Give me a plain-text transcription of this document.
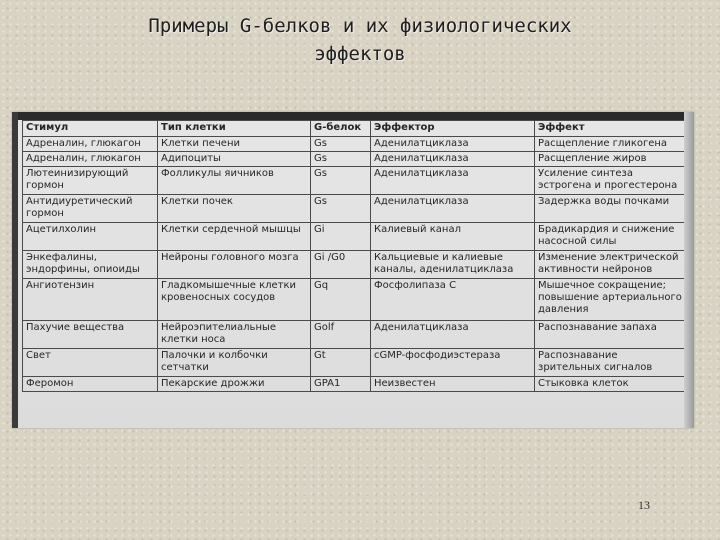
Примеры G-белков и их физиологических
эффектов
Стимул	Тип клетки	G-белок	Эффектор	Эффект
Адреналин, глюкагон	Клетки печени	Gs	Аденилатциклаза	Расщепление гликогена
Адреналин, глюкагон	Адипоциты	Gs	Аденилатциклаза	Расщепление жиров
Лютеинизирующий гормон	Фолликулы яичников	Gs	Аденилатциклаза	Усиление синтеза эстрогена и прогестерона
Антидиуретический гормон	Клетки почек	Gs	Аденилатциклаза	Задержка воды почками
Ацетилхолин	Клетки сердечной мышцы	Gi	Калиевый канал	Брадикардия и снижение насосной силы
Энкефалины, эндорфины, опиоиды	Нейроны головного мозга	Gi /G0	Кальциевые и калиевые каналы, аденилатциклаза	Изменение электрической активности нейронов
Ангиотензин	Гладкомышечные клетки кровеносных сосудов	Gq	Фосфолипаза С	Мышечное сокращение; повышение артериального давления
Пахучие вещества	Нейроэпителиальные клетки носа	Golf	Аденилатциклаза	Распознавание запаха
Свет	Палочки и колбочки сетчатки	Gt	cGMP-фосфодиэстераза	Распознавание зрительных сигналов
Феромон	Пекарские дрожжи	GPA1	Неизвестен	Стыковка клеток
13
